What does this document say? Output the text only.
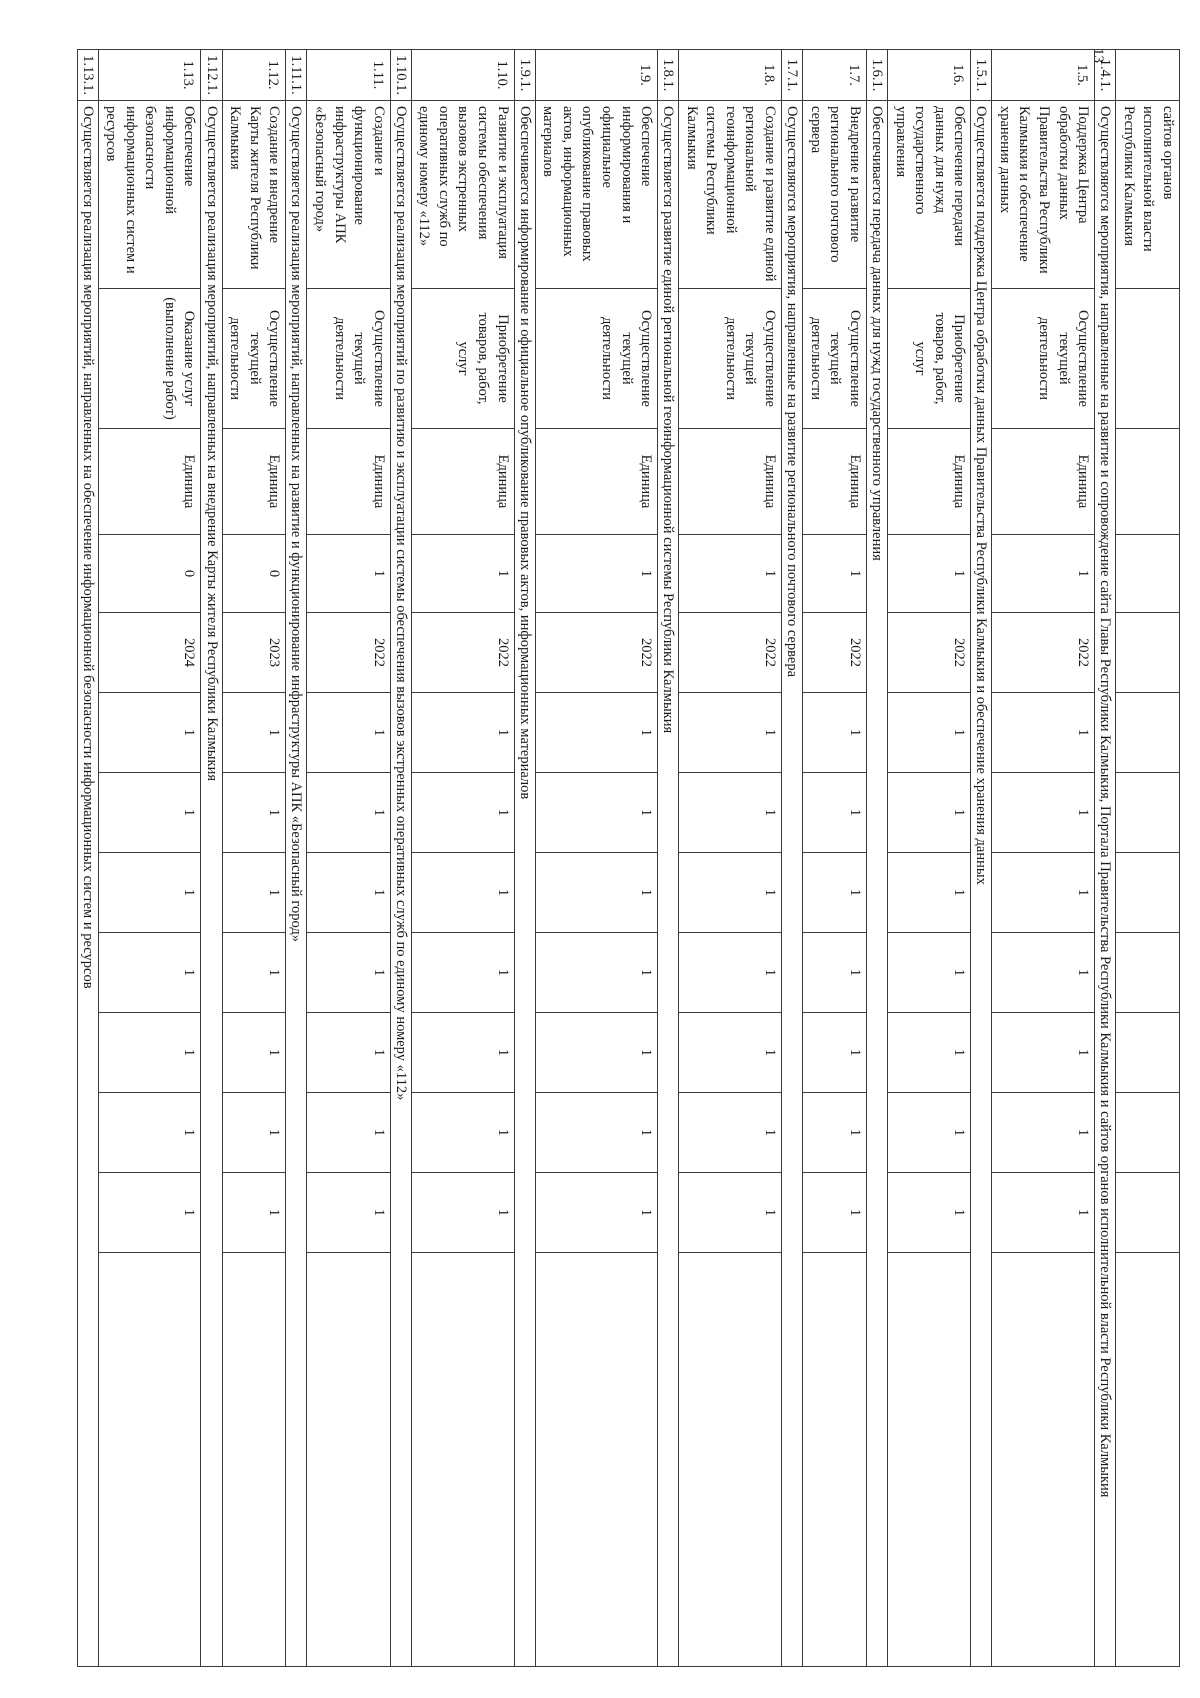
13
	сайтов органов исполнительной власти Республики Калмыкия												
1.4.1.	Осуществляются мероприятия, направленные на развитие и сопровождение сайта Главы Республики Калмыкия, Портала Правительства Республики Калмыкия и сайтов органов исполнительной власти Республики Калмыкия												
1.5.	Поддержка Центра обработки данных Правительства Республики Калмыкия и обеспечение хранения данных	Осуществление текущей деятельности	Единица	1	2022	1	1	1	1	1	1	1	
1.5.1.	Осуществляется поддержка Центра обработки данных Правительства Республики Калмыкия и обеспечение хранения данных												
1.6.	Обеспечение передачи данных для нужд государственного управления	Приобретение товаров, работ, услуг	Единица	1	2022	1	1	1	1	1	1	1	
1.6.1.	Обеспечивается передача данных для нужд государственного управления												
1.7.	Внедрение и развитие регионального почтового сервера	Осуществление текущей деятельности	Единица	1	2022	1	1	1	1	1	1	1	
1.7.1.	Осуществляются мероприятия, направленные на развитие регионального почтового сервера												
1.8.	Создание и развитие единой региональной геоинформационной системы Республики Калмыкия	Осуществление текущей деятельности	Единица	1	2022	1	1	1	1	1	1	1	
1.8.1.	Осуществляется развитие единой региональной геоинформационной системы Республики Калмыкия												
1.9.	Обеспечение информирования и официальное опубликование правовых актов, информационных материалов	Осуществление текущей деятельности	Единица	1	2022	1	1	1	1	1	1	1	
1.9.1.	Обеспечивается информирование и официальное опубликование правовых актов, информационных материалов												
1.10.	Развитие и эксплуатация системы обеспечения вызовов экстренных оперативных служб по единому номеру «112»	Приобретение товаров, работ, услуг	Единица	1	2022	1	1	1	1	1	1	1	
1.10.1.	Осуществляется реализация мероприятий по развитию и эксплуатации системы обеспечения вызовов экстренных оперативных служб по единому номеру «112»												
1.11.	Создание и функционирование инфраструктуры АПК «Безопасный город»	Осуществление текущей деятельности	Единица	1	2022	1	1	1	1	1	1	1	
1.11.1.	Осуществляется реализация мероприятий, направленных на развитие и функционирование инфраструктуры АПК «Безопасный город»												
1.12.	Создание и внедрение Карты жителя Республики Калмыкия	Осуществление текущей деятельности	Единица	0	2023	1	1	1	1	1	1	1	
1.12.1.	Осуществляется реализация мероприятий, направленных на внедрение Карты жителя Республики Калмыкия												
1.13.	Обеспечение информационной безопасности информационных систем и ресурсов	Оказание услуг (выполнение работ)	Единица	0	2024	1	1	1	1	1	1	1	
1.13.1.	Осуществляется реализация мероприятий, направленных на обеспечение информационной безопасности информационных систем и ресурсов												
